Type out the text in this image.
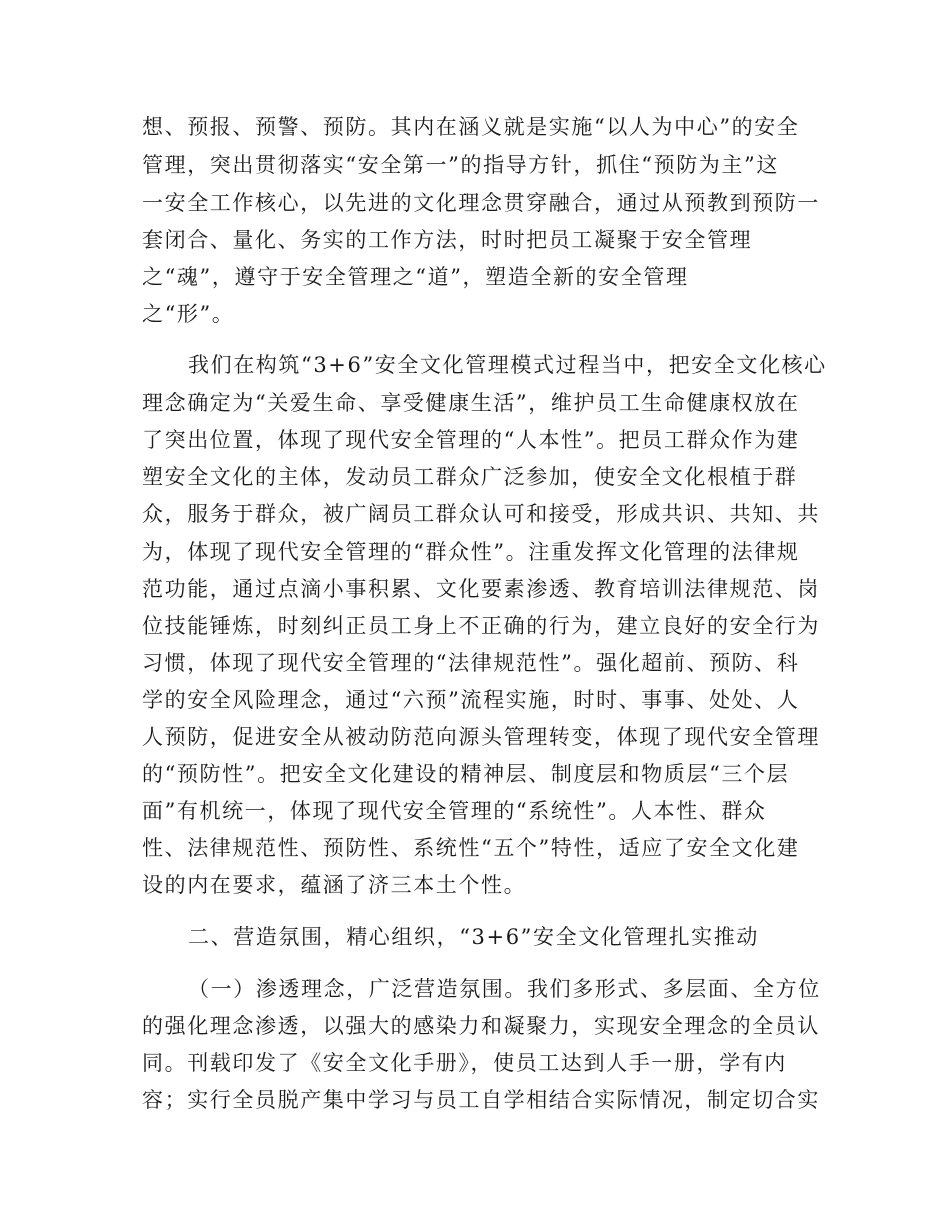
想、预报、预警、预防。其内在涵义就是实施“以人为中心”的安全

管理，突出贯彻落实“安全第一”的指导方针，抓住“预防为主”这

一安全工作核心，以先进的文化理念贯穿融合，通过从预教到预防一

套闭合、量化、务实的工作方法，时时把员工凝聚于安全管理

之“魂”，遵守于安全管理之“道”，塑造全新的安全管理

之“形”。

我们在构筑“3+6”安全文化管理模式过程当中，把安全文化核心

理念确定为“关爱生命、享受健康生活”，维护员工生命健康权放在

了突出位置，体现了现代安全管理的“人本性”。把员工群众作为建

塑安全文化的主体，发动员工群众广泛参加，使安全文化根植于群

众，服务于群众，被广阔员工群众认可和接受，形成共识、共知、共

为，体现了现代安全管理的“群众性”。注重发挥文化管理的法律规

范功能，通过点滴小事积累、文化要素渗透、教育培训法律规范、岗

位技能锤炼，时刻纠正员工身上不正确的行为，建立良好的安全行为

习惯，体现了现代安全管理的“法律规范性”。强化超前、预防、科

学的安全风险理念，通过“六预”流程实施，时时、事事、处处、人

人预防，促进安全从被动防范向源头管理转变，体现了现代安全管理

的“预防性”。把安全文化建设的精神层、制度层和物质层“三个层

面”有机统一，体现了现代安全管理的“系统性”。人本性、群众

性、法律规范性、预防性、系统性“五个”特性，适应了安全文化建

设的内在要求，蕴涵了济三本土个性。

二、营造氛围，精心组织，“3+6”安全文化管理扎实推动

（一）渗透理念，广泛营造氛围。我们多形式、多层面、全方位

的强化理念渗透，以强大的感染力和凝聚力，实现安全理念的全员认

同。刊载印发了《安全文化手册》，使员工达到人手一册，学有内

容；实行全员脱产集中学习与员工自学相结合实际情况，制定切合实
